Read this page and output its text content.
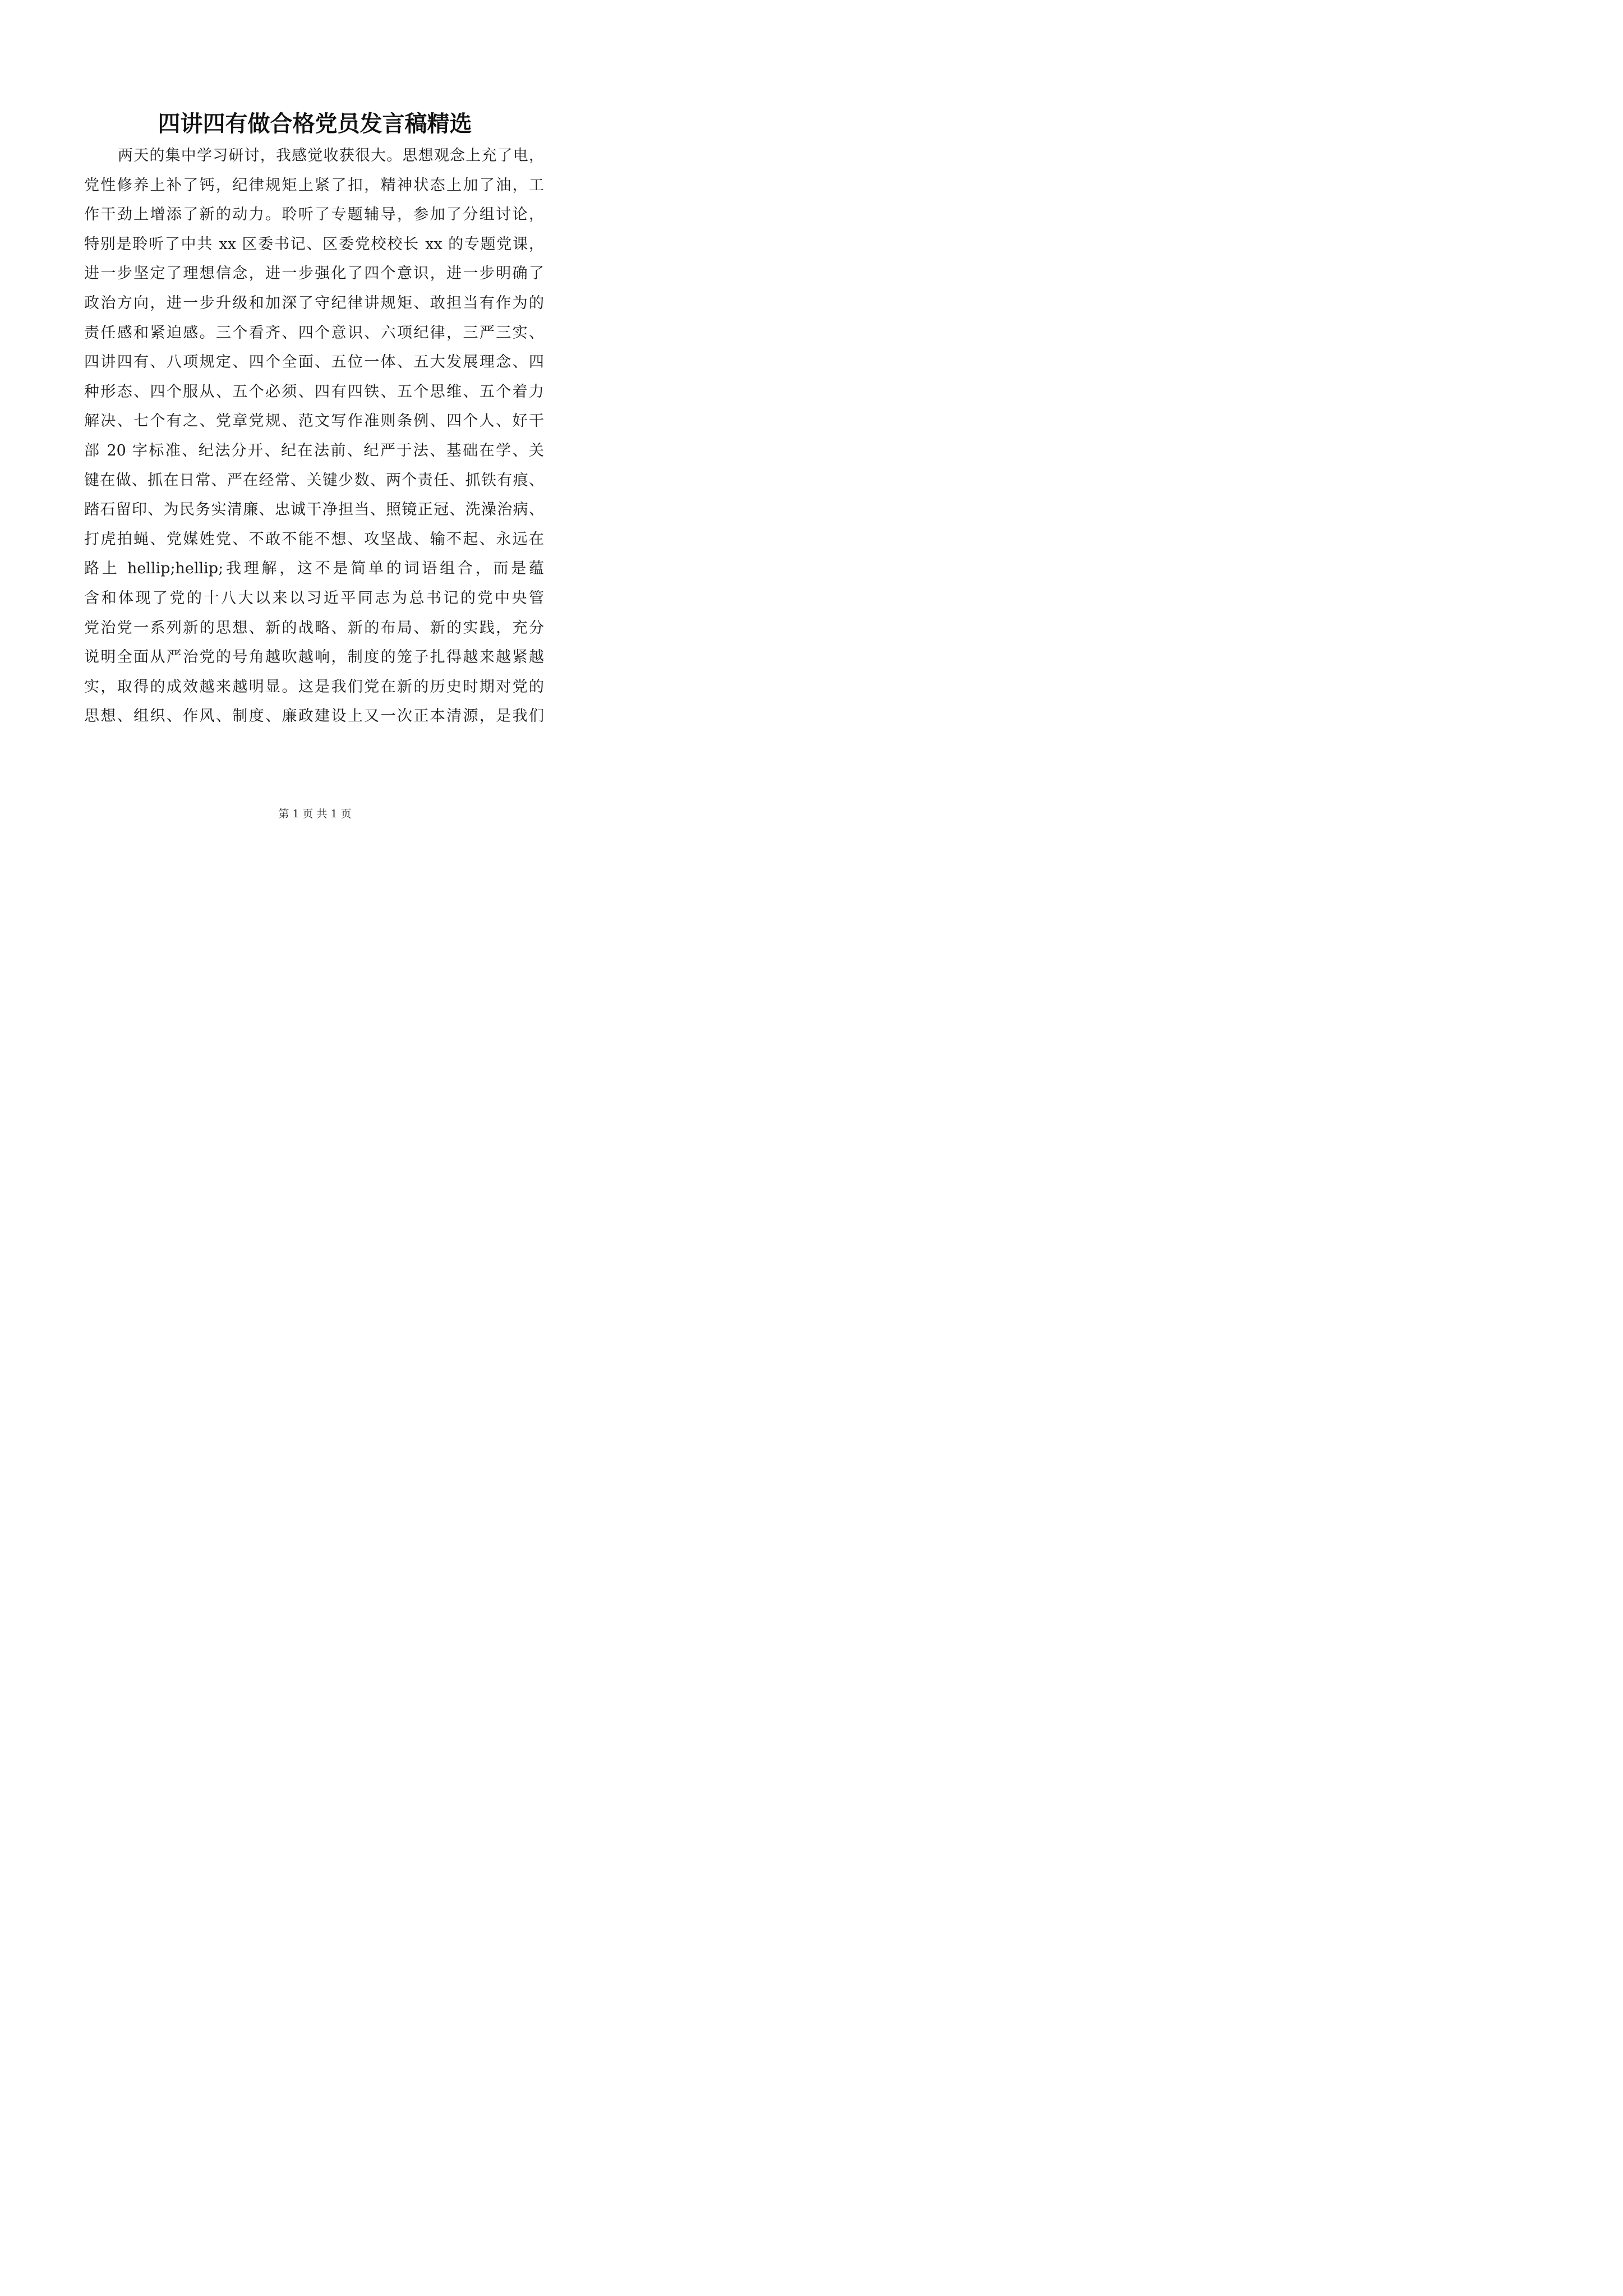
四讲四有做合格党员发言稿精选
两天的集中学习研讨，我感觉收获很大。思想观念上充了电，
党性修养上补了钙，纪律规矩上紧了扣，精神状态上加了油，工
作干劲上增添了新的动力。聆听了专题辅导，参加了分组讨论，
特别是聆听了中共 xx 区委书记、区委党校校长 xx 的专题党课，
进一步坚定了理想信念，进一步强化了四个意识，进一步明确了
政治方向，进一步升级和加深了守纪律讲规矩、敢担当有作为的
责任感和紧迫感。三个看齐、四个意识、六项纪律，三严三实、
四讲四有、八项规定、四个全面、五位一体、五大发展理念、四
种形态、四个服从、五个必须、四有四铁、五个思维、五个着力
解决、七个有之、党章党规、范文写作准则条例、四个人、好干
部 20 字标准、纪法分开、纪在法前、纪严于法、基础在学、关
键在做、抓在日常、严在经常、关键少数、两个责任、抓铁有痕、
踏石留印、为民务实清廉、忠诚干净担当、照镜正冠、洗澡治病、
打虎拍蝇、党媒姓党、不敢不能不想、攻坚战、输不起、永远在
路上 hellip;hellip;我理解，这不是简单的词语组合，而是蕴
含和体现了党的十八大以来以习近平同志为总书记的党中央管
党治党一系列新的思想、新的战略、新的布局、新的实践，充分
说明全面从严治党的号角越吹越响，制度的笼子扎得越来越紧越
实，取得的成效越来越明显。这是我们党在新的历史时期对党的
思想、组织、作风、制度、廉政建设上又一次正本清源，是我们
第 1 页 共 1 页
